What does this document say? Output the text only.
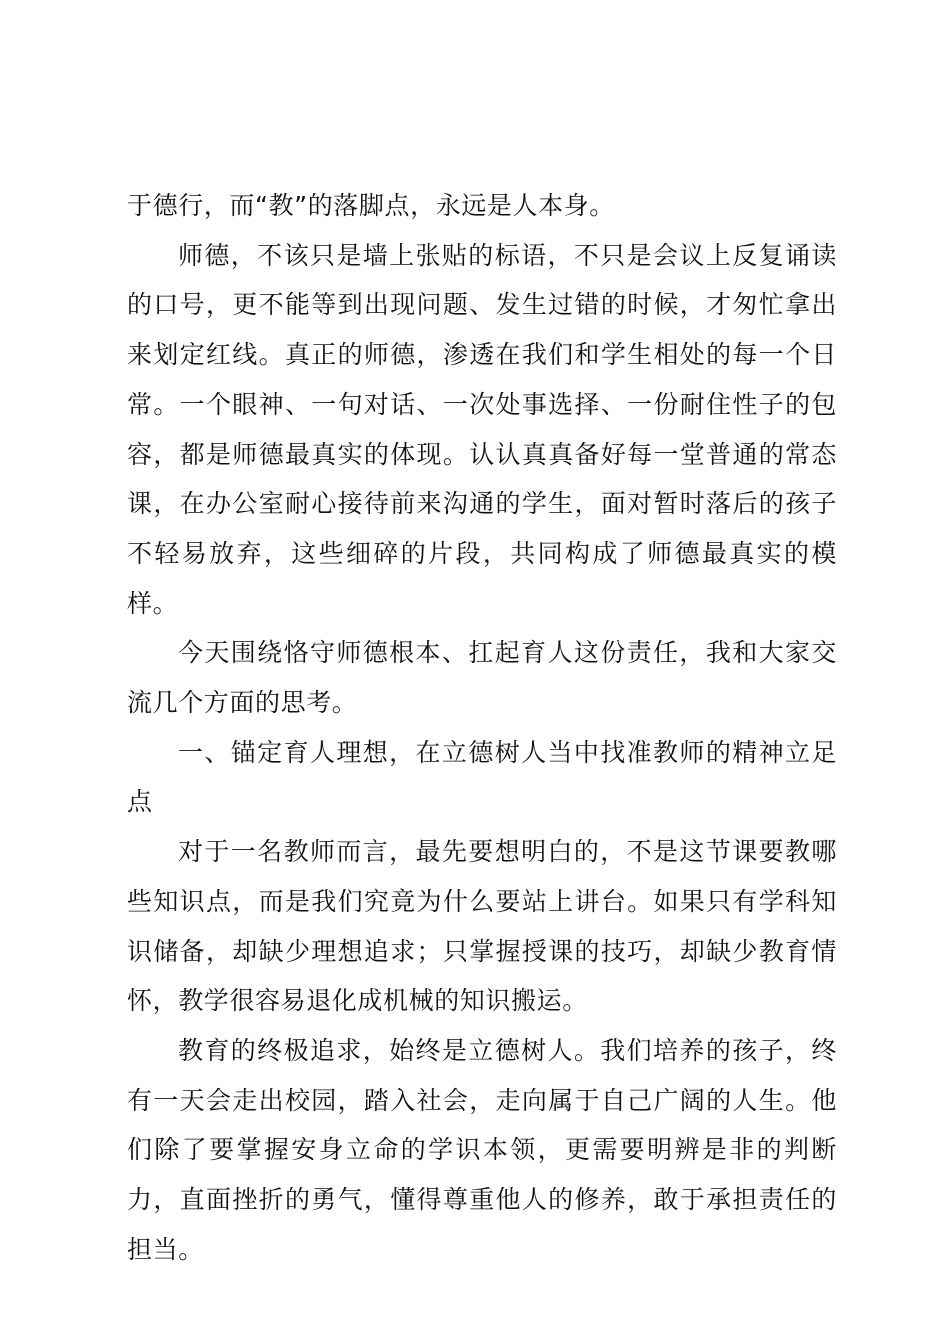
于德行，而“教”的落脚点，永远是人本身。

师德，不该只是墙上张贴的标语，不只是会议上反复诵读的口号，更不能等到出现问题、发生过错的时候，才匆忙拿出来划定红线。真正的师德，渗透在我们和学生相处的每一个日常。一个眼神、一句对话、一次处事选择、一份耐住性子的包容，都是师德最真实的体现。认认真真备好每一堂普通的常态课，在办公室耐心接待前来沟通的学生，面对暂时落后的孩子不轻易放弃，这些细碎的片段，共同构成了师德最真实的模样。

今天围绕恪守师德根本、扛起育人这份责任，我和大家交流几个方面的思考。

一、锚定育人理想，在立德树人当中找准教师的精神立足点

对于一名教师而言，最先要想明白的，不是这节课要教哪些知识点，而是我们究竟为什么要站上讲台。如果只有学科知识储备，却缺少理想追求；只掌握授课的技巧，却缺少教育情怀，教学很容易退化成机械的知识搬运。

教育的终极追求，始终是立德树人。我们培养的孩子，终有一天会走出校园，踏入社会，走向属于自己广阔的人生。他们除了要掌握安身立命的学识本领，更需要明辨是非的判断力，直面挫折的勇气，懂得尊重他人的修养，敢于承担责任的担当。
